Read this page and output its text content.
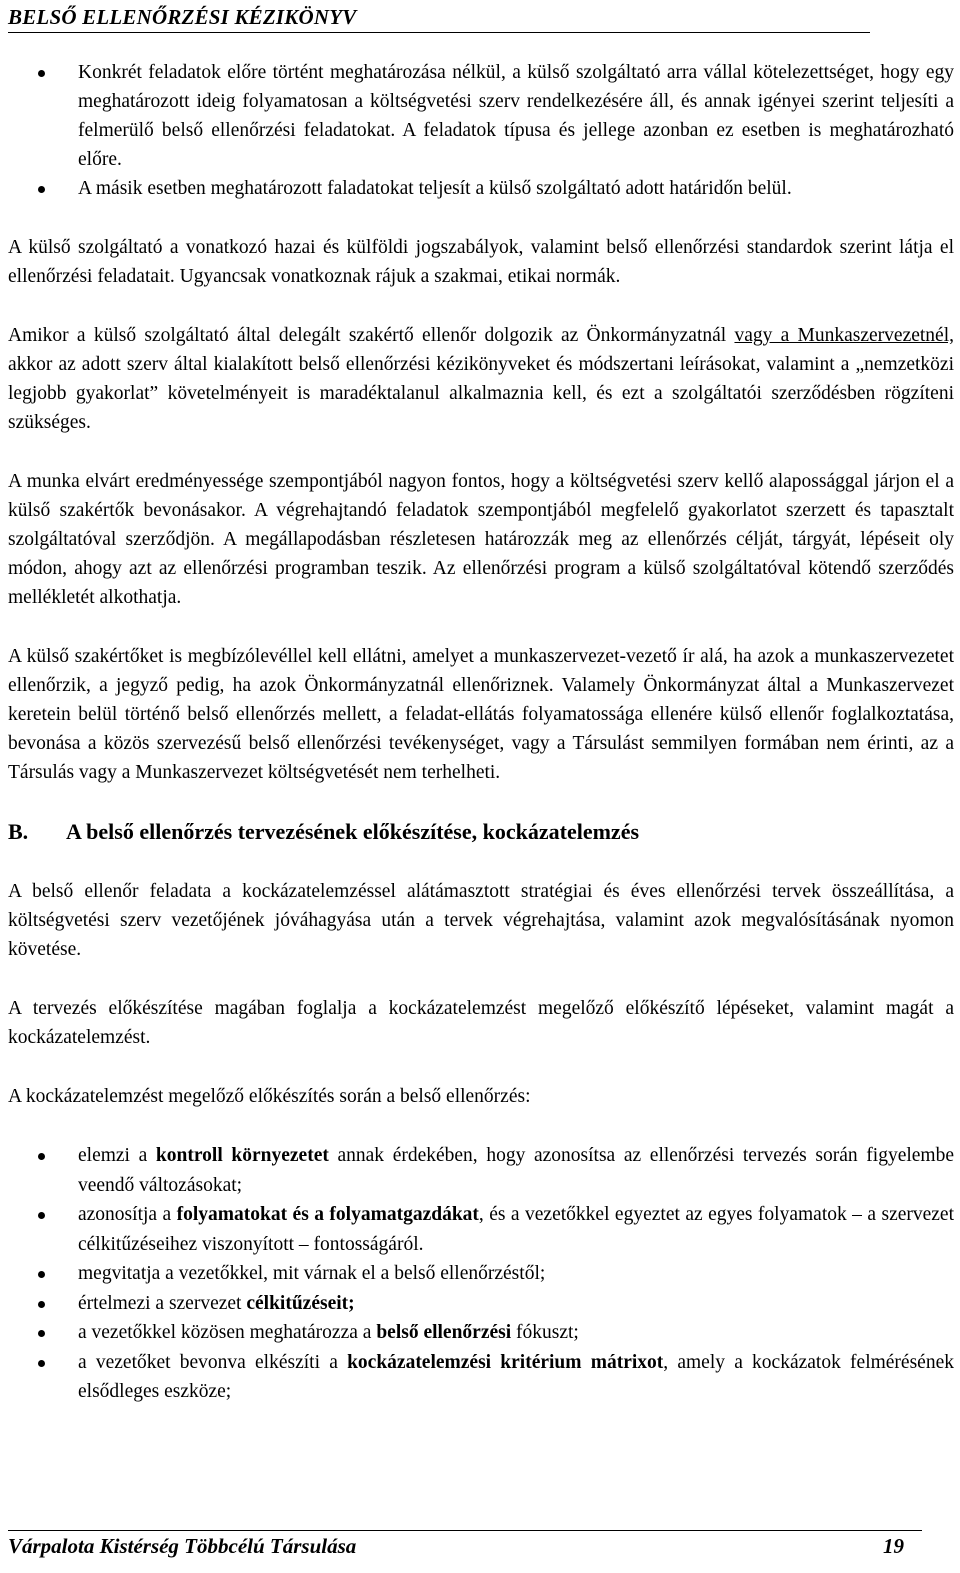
BELSŐ ELLENŐRZÉSI KÉZIKÖNYV
Konkrét feladatok előre történt meghatározása nélkül, a külső szolgáltató arra vállal kötelezettséget, hogy egy meghatározott ideig folyamatosan a költségvetési szerv rendelkezésére áll, és annak igényei szerint teljesíti a felmerülő belső ellenőrzési feladatokat. A feladatok típusa és jellege azonban ez esetben is meghatározható előre.
A másik esetben meghatározott faladatokat teljesít a külső szolgáltató adott határidőn belül.

A külső szolgáltató a vonatkozó hazai és külföldi jogszabályok, valamint belső ellenőrzési standardok szerint látja el ellenőrzési feladatait. Ugyancsak vonatkoznak rájuk a szakmai, etikai normák.

Amikor a külső szolgáltató által delegált szakértő ellenőr dolgozik az Önkormányzatnál vagy a Munkaszervezetnél, akkor az adott szerv által kialakított belső ellenőrzési kézikönyveket és módszertani leírásokat, valamint a „nemzetközi legjobb gyakorlat” követelményeit is maradéktalanul alkalmaznia kell, és ezt a szolgáltatói szerződésben rögzíteni szükséges.

A munka elvárt eredményessége szempontjából nagyon fontos, hogy a költségvetési szerv kellő alapossággal járjon el a külső szakértők bevonásakor. A végrehajtandó feladatok szempontjából megfelelő gyakorlatot szerzett és tapasztalt szolgáltatóval szerződjön. A megállapodásban részletesen határozzák meg az ellenőrzés célját, tárgyát, lépéseit oly módon, ahogy azt az ellenőrzési programban teszik. Az ellenőrzési program a külső szolgáltatóval kötendő szerződés mellékletét alkothatja.

A külső szakértőket is megbízólevéllel kell ellátni, amelyet a munkaszervezet-vezető ír alá, ha azok a munkaszervezetet ellenőrzik, a jegyző pedig, ha azok Önkormányzatnál ellenőriznek. Valamely Önkormányzat által a Munkaszervezet keretein belül történő belső ellenőrzés mellett, a feladat-ellátás folyamatossága ellenére külső ellenőr foglalkoztatása, bevonása a közös szervezésű belső ellenőrzési tevékenységet, vagy a Társulást semmilyen formában nem érinti, az a Társulás vagy a Munkaszervezet költségvetését nem terhelheti.

B. A belső ellenőrzés tervezésének előkészítése, kockázatelemzés

A belső ellenőr feladata a kockázatelemzéssel alátámasztott stratégiai és éves ellenőrzési tervek összeállítása, a költségvetési szerv vezetőjének jóváhagyása után a tervek végrehajtása, valamint azok megvalósításának nyomon követése.

A tervezés előkészítése magában foglalja a kockázatelemzést megelőző előkészítő lépéseket, valamint magát a kockázatelemzést.

A kockázatelemzést megelőző előkészítés során a belső ellenőrzés:

elemzi a kontroll környezetet annak érdekében, hogy azonosítsa az ellenőrzési tervezés során figyelembe veendő változásokat;
azonosítja a folyamatokat és a folyamatgazdákat, és a vezetőkkel egyeztet az egyes folyamatok – a szervezet célkitűzéseihez viszonyított – fontosságáról.
megvitatja a vezetőkkel, mit várnak el a belső ellenőrzéstől;
értelmezi a szervezet célkitűzéseit;
a vezetőkkel közösen meghatározza a belső ellenőrzési fókuszt;
a vezetőket bevonva elkészíti a kockázatelemzési kritérium mátrixot, amely a kockázatok felmérésének elsődleges eszköze;
Várpalota Kistérség Többcélú Társulása	19
